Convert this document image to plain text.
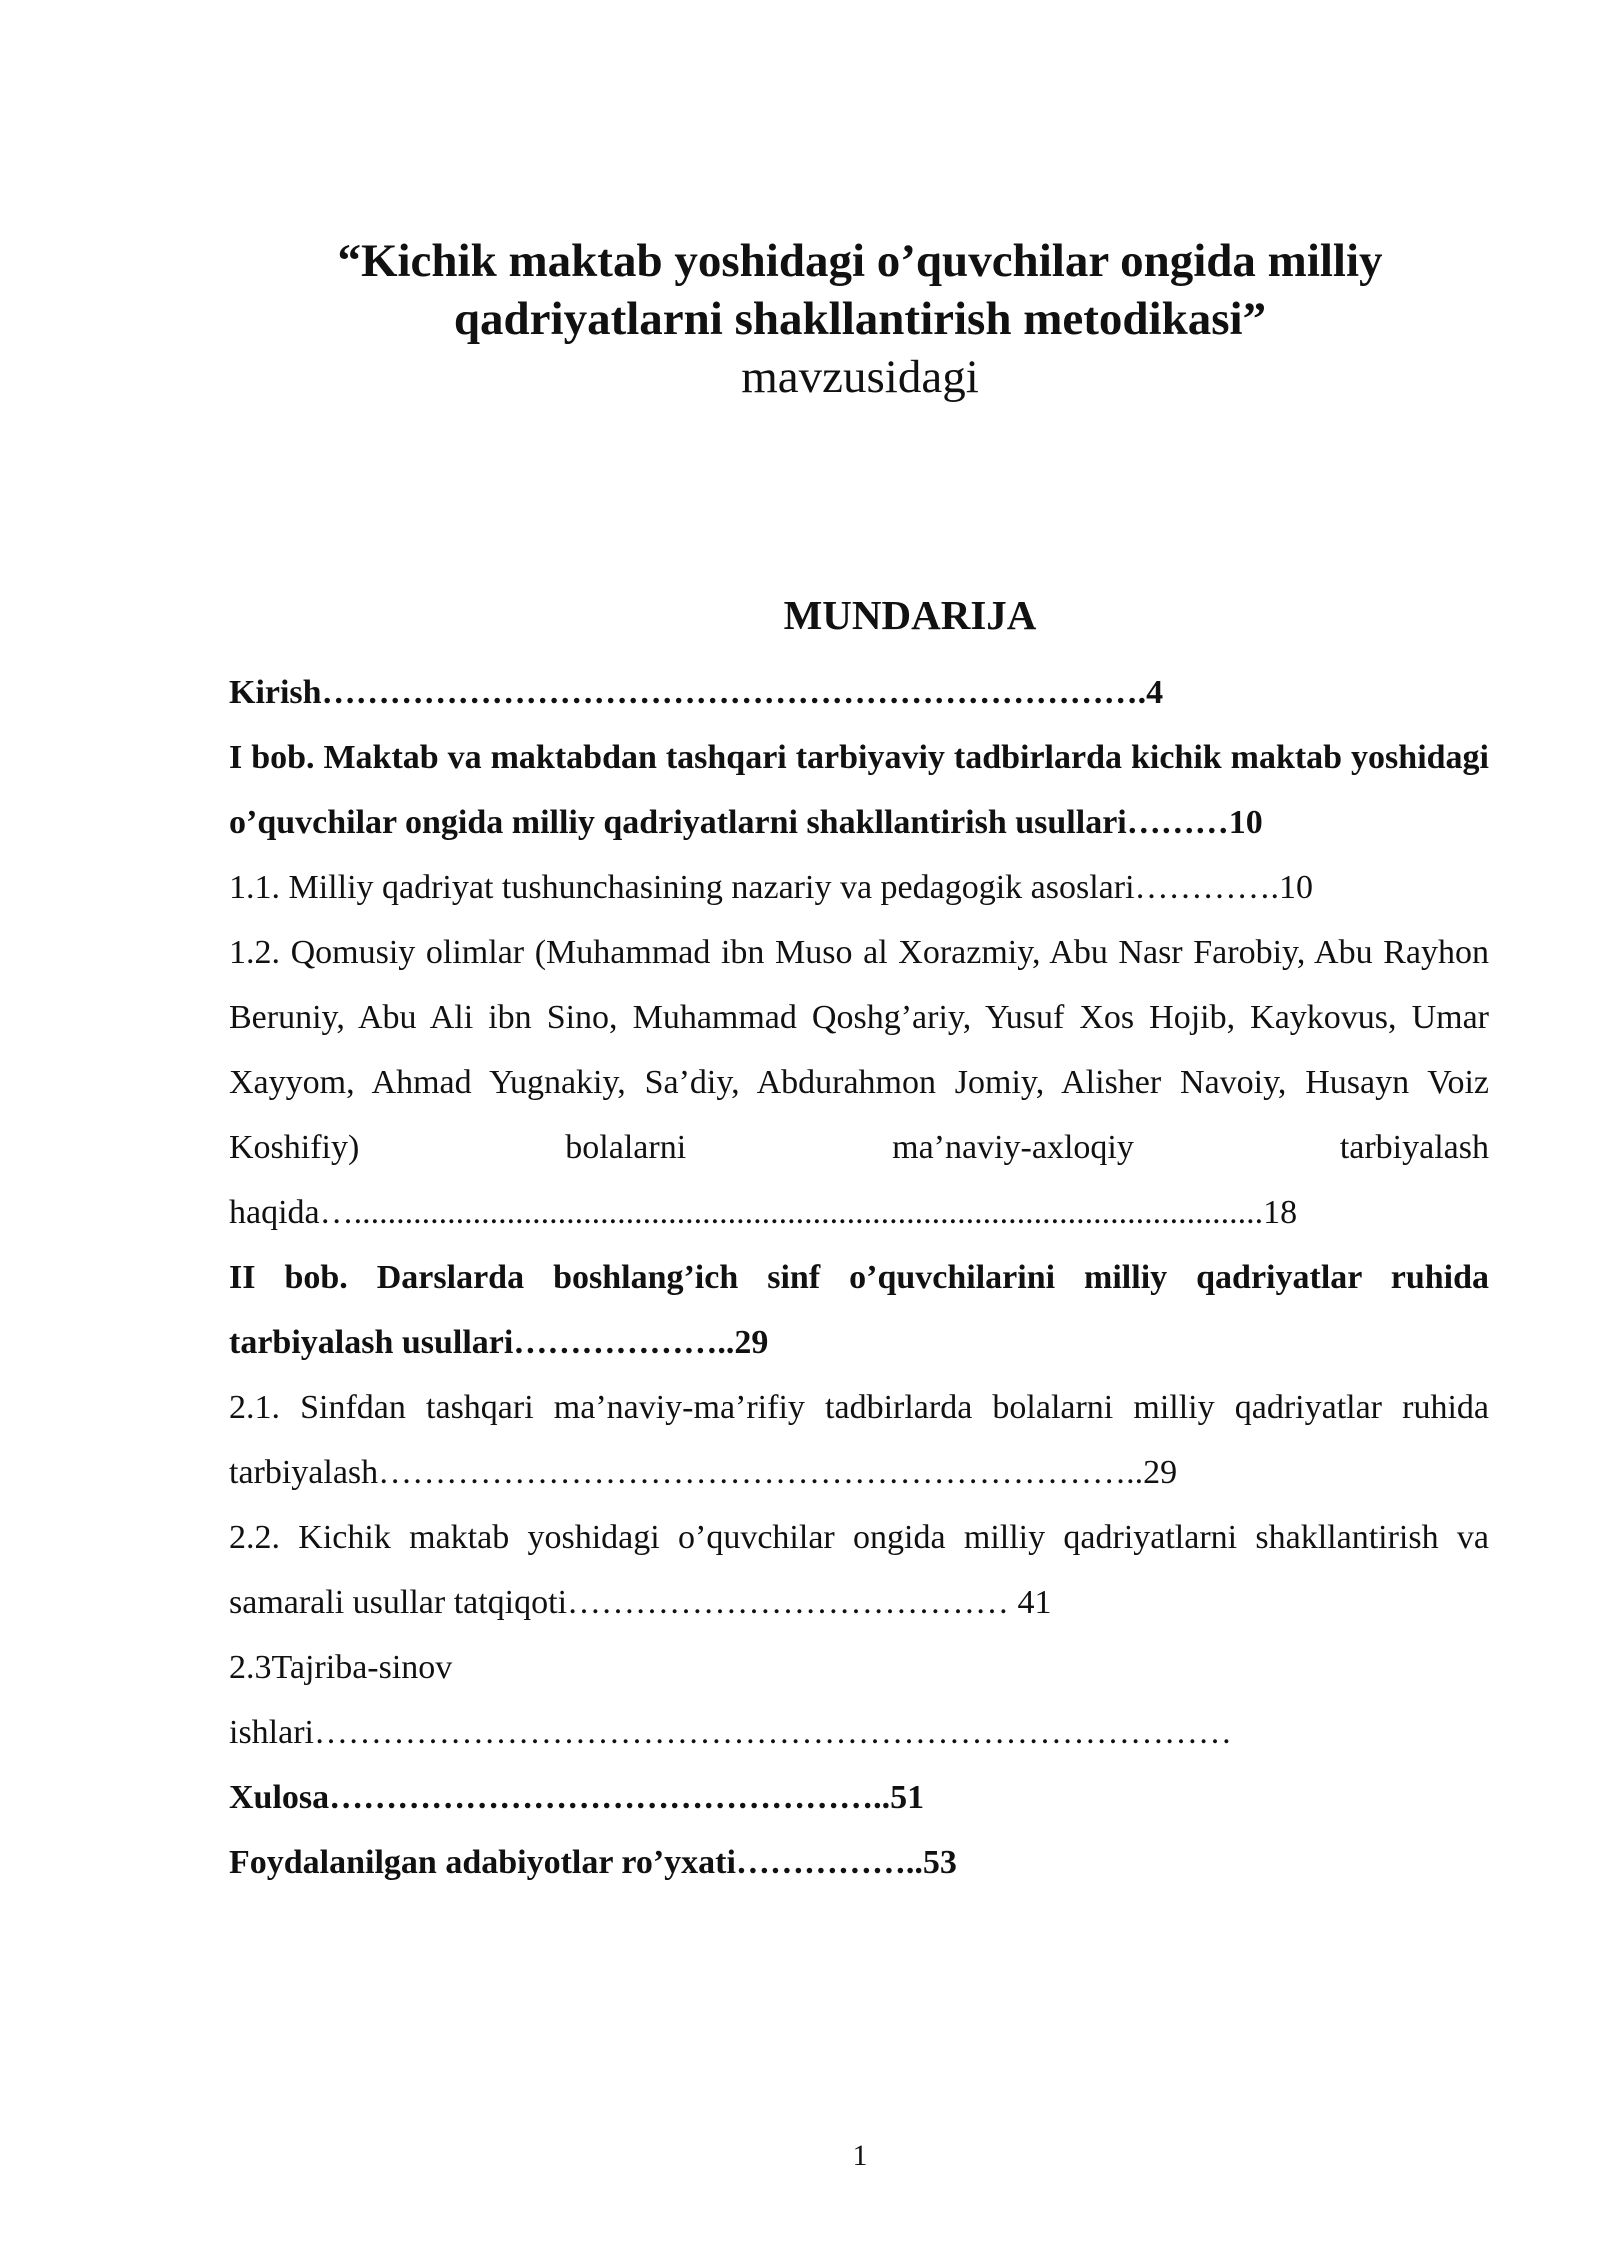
“Kichik maktab yoshidagi o’quvchilar ongida milliy
qadriyatlarni shakllantirish metodikasi”
mavzusidagi
MUNDARIJA

Kirish……………………………………………………………….4

I bob. Maktab va maktabdan tashqari tarbiyaviy tadbirlarda kichik maktab yoshidagi o’quvchilar ongida milliy qadriyatlarni shakllantirish usullari………10

1.1. Milliy qadriyat tushunchasining nazariy va pedagogik asoslari………….10

1.2. Qomusiy olimlar (Muhammad ibn Muso al Xorazmiy, Abu Nasr Farobiy, Abu Rayhon Beruniy, Abu Ali ibn Sino, Muhammad Qoshg’ariy, Yusuf Xos Hojib, Kaykovus, Umar Xayyom, Ahmad Yugnakiy, Sa’diy, Abdurahmon Jomiy, Alisher Navoiy, Husayn Voiz Koshifiy) bolalarni ma’naviy-axloqiy tarbiyalash haqida…...........................................................................................................18

II bob. Darslarda boshlang’ich sinf o’quvchilarini milliy qadriyatlar ruhida tarbiyalash usullari………………..29

2.1. Sinfdan tashqari ma’naviy-ma’rifiy tadbirlarda bolalarni milliy qadriyatlar ruhida tarbiyalash…………………………………………………………..29

2.2. Kichik maktab yoshidagi o’quvchilar ongida milliy qadriyatlarni shakllantirish va samarali usullar tatqiqoti………………………………… 41

2.3Tajriba-sinov

ishlari………………………………………………………………………

Xulosa…………………………………………..51

Foydalanilgan adabiyotlar ro’yxati……………..53

1
